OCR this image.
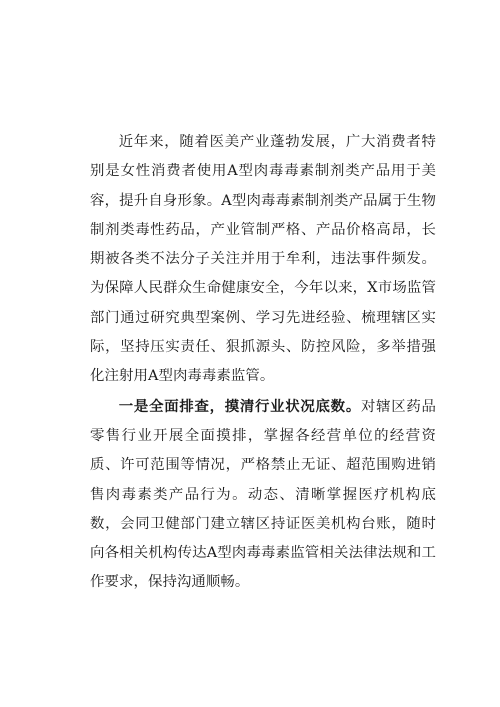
近年来，随着医美产业蓬勃发展，广大消费者特别是女性消费者使用A型肉毒毒素制剂类产品用于美容，提升自身形象。A型肉毒毒素制剂类产品属于生物制剂类毒性药品，产业管制严格、产品价格高昂，长期被各类不法分子关注并用于牟利，违法事件频发。为保障人民群众生命健康安全，今年以来，X市场监管部门通过研究典型案例、学习先进经验、梳理辖区实际，坚持压实责任、狠抓源头、防控风险，多举措强化注射用A型肉毒毒素监管。

一是全面排查，摸清行业状况底数。对辖区药品零售行业开展全面摸排，掌握各经营单位的经营资质、许可范围等情况，严格禁止无证、超范围购进销售肉毒素类产品行为。动态、清晰掌握医疗机构底数，会同卫健部门建立辖区持证医美机构台账，随时向各相关机构传达A型肉毒毒素监管相关法律法规和工作要求，保持沟通顺畅。
